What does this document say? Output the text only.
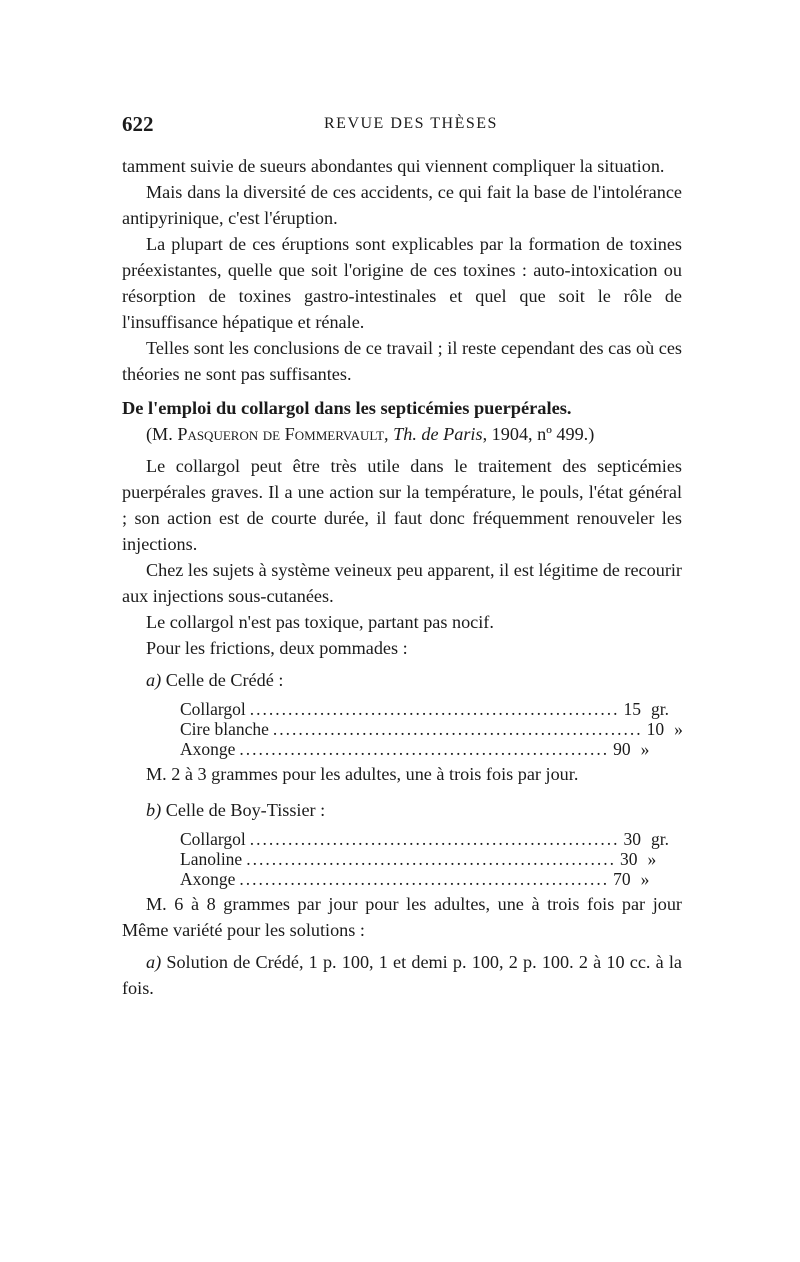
622	REVUE DES THÈSES

tamment suivie de sueurs abondantes qui viennent compliquer la situation.

Mais dans la diversité de ces accidents, ce qui fait la base de l'intolérance antipyrinique, c'est l'éruption.

La plupart de ces éruptions sont explicables par la formation de toxines préexistantes, quelle que soit l'origine de ces toxines : auto-intoxication ou résorption de toxines gastro-intestinales et quel que soit le rôle de l'insuffisance hépatique et rénale.

Telles sont les conclusions de ce travail ; il reste cependant des cas où ces théories ne sont pas suffisantes.

De l'emploi du collargol dans les septicémies puerpérales.

(M. Pasqueron de Fommervault, Th. de Paris, 1904, nº 499.)

Le collargol peut être très utile dans le traitement des septicémies puerpérales graves. Il a une action sur la température, le pouls, l'état général ; son action est de courte durée, il faut donc fréquemment renouveler les injections.

Chez les sujets à système veineux peu apparent, il est légitime de recourir aux injections sous-cutanées.

Le collargol n'est pas toxique, partant pas nocif.

Pour les frictions, deux pommades :

a) Celle de Crédé :

Collargol .......................................................... 15 gr.
Cire blanche .......................................................... 10 »
Axonge .......................................................... 90 »

M. 2 à 3 grammes pour les adultes, une à trois fois par jour.

b) Celle de Boy-Tissier :

Collargol .......................................................... 30 gr.
Lanoline .......................................................... 30 »
Axonge .......................................................... 70 »

M. 6 à 8 grammes par jour pour les adultes, une à trois fois par jour Même variété pour les solutions :

a) Solution de Crédé, 1 p. 100, 1 et demi p. 100, 2 p. 100. 2 à 10 cc. à la fois.
